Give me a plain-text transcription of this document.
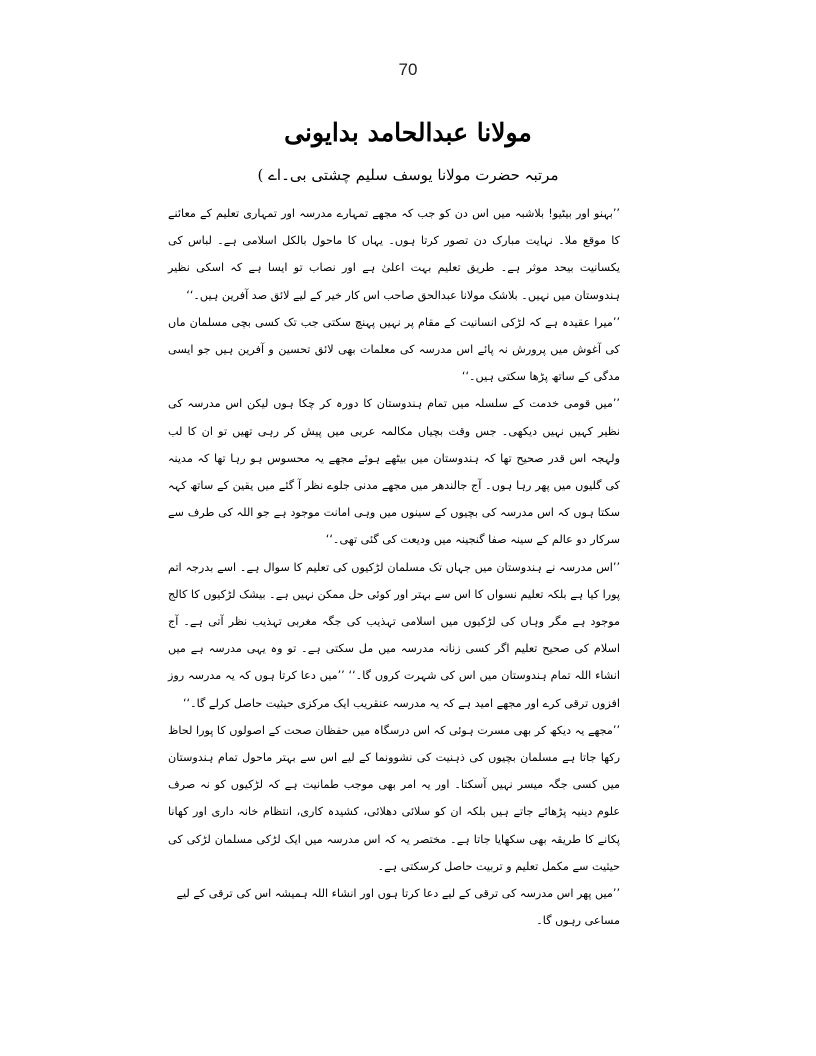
70
مولانا عبدالحامد بدایونی
مرتبہ حضرت مولانا یوسف سلیم چشتی بی۔اے )

’’بہنو اور بیٹیو! بلاشبہ میں اس دن کو جب کہ مجھے تمہارے مدرسہ اور تمہاری تعلیم کے معائنے کا موقع ملا۔ نہایت مبارک دن تصور کرتا ہوں۔ یہاں کا ماحول بالکل اسلامی ہے۔ لباس کی یکسانیت بیحد موثر ہے۔ طریق تعلیم بہت اعلیٰ ہے اور نصاب تو ایسا ہے کہ اسکی نظیر ہندوستان میں نہیں۔ بلاشک مولانا عبدالحق صاحب اس کار خیر کے لیے لائق صد آفرین ہیں۔‘‘

’’میرا عقیدہ ہے کہ لڑکی انسانیت کے مقام پر نہیں پہنچ سکتی جب تک کسی بچی مسلمان ماں کی آغوش میں پرورش نہ پائے اس مدرسہ کی معلمات بھی لائق تحسین و آفرین ہیں جو ایسی مدگی کے ساتھ پڑھا سکتی ہیں۔‘‘

’’میں قومی خدمت کے سلسلہ میں تمام ہندوستان کا دورہ کر چکا ہوں لیکن اس مدرسہ کی نظیر کہیں نہیں دیکھی۔ جس وقت بچیاں مکالمہ عربی میں پیش کر رہی تھیں تو ان کا لب ولہجہ اس قدر صحیح تھا کہ ہندوستان میں بیٹھے ہوئے مجھے یہ محسوس ہو رہا تھا کہ مدینہ کی گلیوں میں پھر رہا ہوں۔ آج جالندھر میں مجھے مدنی جلوے نظر آ گئے میں یقین کے ساتھ کہہ سکتا ہوں کہ اس مدرسہ کی بچیوں کے سینوں میں وہی امانت موجود ہے جو اللہ کی طرف سے سرکار دو عالم کے سینہ صفا گنجینہ میں ودیعت کی گئی تھی۔‘‘

’’اس مدرسہ نے ہندوستان میں جہاں تک مسلمان لڑکیوں کی تعلیم کا سوال ہے۔ اسے بدرجہ اتم پورا کیا ہے بلکہ تعلیم نسواں کا اس سے بہتر اور کوئی حل ممکن نہیں ہے۔ بیشک لڑکیوں کا کالج موجود ہے مگر وہاں کی لڑکیوں میں اسلامی تہذیب کی جگہ مغربی تہذیب نظر آتی ہے۔ آج اسلام کی صحیح تعلیم اگر کسی زنانہ مدرسہ میں مل سکتی ہے۔ تو وہ یہی مدرسہ ہے میں انشاء اللہ تمام ہندوستان میں اس کی شہرت کروں گا۔‘‘ ’’میں دعا کرتا ہوں کہ یہ مدرسہ روز افزوں ترقی کرے اور مجھے امید ہے کہ یہ مدرسہ عنقریب ایک مرکزی حیثیت حاصل کرلے گا۔‘‘

’’مجھے یہ دیکھ کر بھی مسرت ہوئی کہ اس درسگاہ میں حفظان صحت کے اصولوں کا پورا لحاظ رکھا جاتا ہے مسلمان بچیوں کی ذہنیت کی نشوونما کے لیے اس سے بہتر ماحول تمام ہندوستان میں کسی جگہ میسر نہیں آسکتا۔ اور یہ امر بھی موجب طمانیت ہے کہ لڑکیوں کو نہ صرف علوم دینیہ پڑھائے جاتے ہیں بلکہ ان کو سلائی دھلائی، کشیدہ کاری، انتظام خانہ داری اور کھانا پکانے کا طریقہ بھی سکھایا جاتا ہے۔ مختصر یہ کہ اس مدرسہ میں ایک لڑکی مسلمان لڑکی کی حیثیت سے مکمل تعلیم و تربیت حاصل کرسکتی ہے۔

’’میں پھر اس مدرسہ کی ترقی کے لیے دعا کرتا ہوں اور انشاء اللہ ہمیشہ اس کی ترقی کے لیے مساعی رہوں گا۔
